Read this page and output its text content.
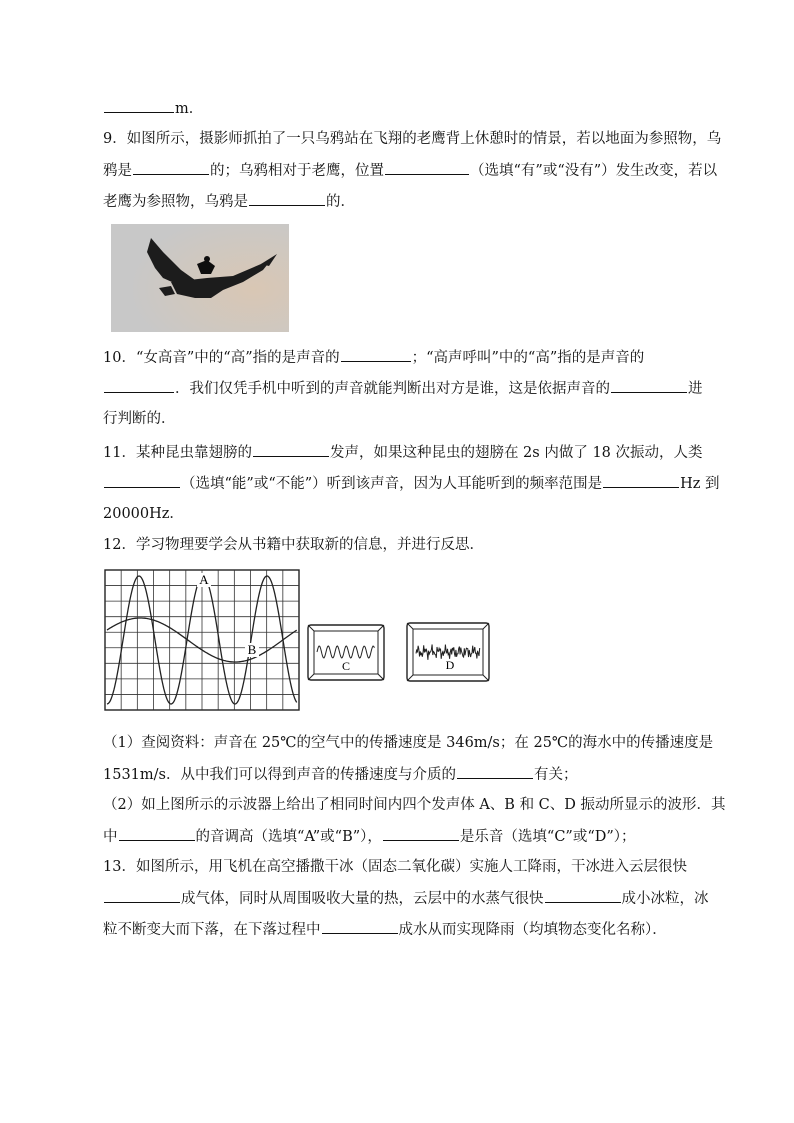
m．
9．如图所示，摄影师抓拍了一只乌鸦站在飞翔的老鹰背上休憩时的情景，若以地面为参照物，乌
鸦是	的；乌鸦相对于老鹰，位置	（选填“有”或“没有”）发生改变，若以
老鹰为参照物，乌鸦是	的．
10．“女高音”中的“高”指的是声音的	；“高声呼叫”中的“高”指的是声音的
．我们仅凭手机中听到的声音就能判断出对方是谁，这是依据声音的	进
行判断的．
11．某种昆虫靠翅膀的	发声，如果这种昆虫的翅膀在 2s 内做了 18 次振动，人类
（选填“能”或“不能”）听到该声音，因为人耳能听到的频率范围是	Hz 到
20000Hz．
12．学习物理要学会从书籍中获取新的信息，并进行反思．
A
B
C	D
（1）查阅资料：声音在 25℃的空气中的传播速度是 346m/s；在 25℃的海水中的传播速度是
1531m/s．从中我们可以得到声音的传播速度与介质的	有关；
（2）如上图所示的示波器上给出了相同时间内四个发声体 A、B 和 C、D 振动所显示的波形．其
中	的音调高（选填“A”或“B”），	是乐音（选填“C”或“D”）；
13．如图所示，用飞机在高空播撒干冰（固态二氧化碳）实施人工降雨，干冰进入云层很快
成气体，同时从周围吸收大量的热，云层中的水蒸气很快	成小冰粒，冰
粒不断变大而下落，在下落过程中	成水从而实现降雨（均填物态变化名称）．
